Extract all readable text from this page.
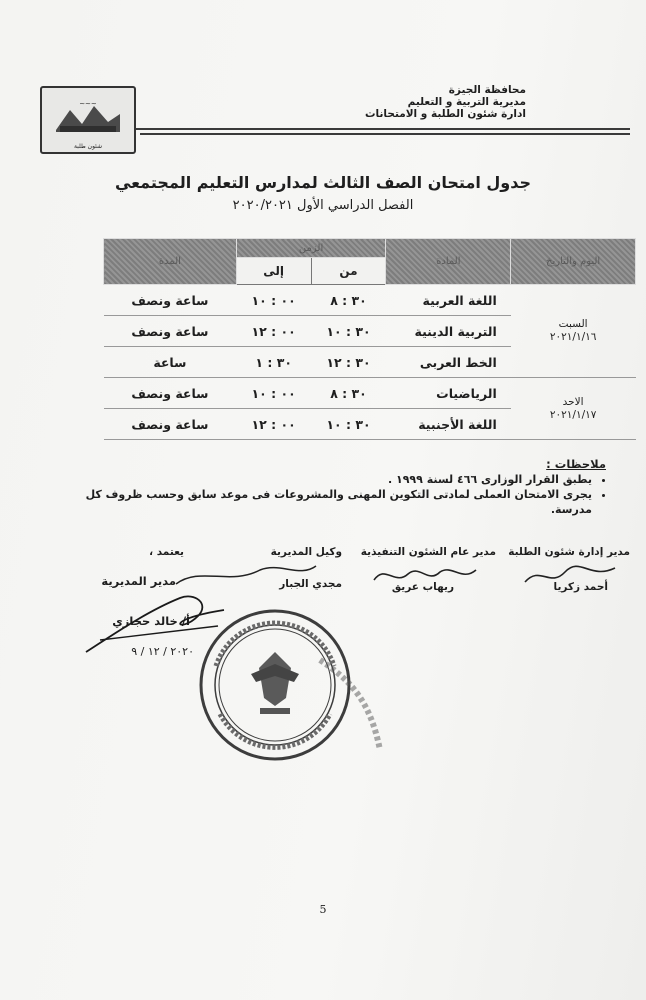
محافظة الجيزة
مديرية التربية و التعليم
ادارة شئون الطلبة و الامتحانات
~~~
شئون طلبة
جدول امتحان الصف الثالث لمدارس التعليم المجتمعي
الفصل الدراسي الأول ٢٠٢٠/٢٠٢١
اليوم والتاريخ	المادة	الزمن		المدة
		من	إلى	

السبت
٢٠٢١/١/١٦	اللغة العربية	٣٠ : ٨	٠٠ : ١٠	ساعة ونصف
	التربية الدينية	٣٠ : ١٠	٠٠ : ١٢	ساعة ونصف
	الخط العربى	٣٠ : ١٢	٣٠ : ١	ساعة

الاحد
٢٠٢١/١/١٧	الرياضيات	٣٠ : ٨	٠٠ : ١٠	ساعة ونصف
	اللغة الأجنبية	٣٠ : ١٠	٠٠ : ١٢	ساعة ونصف
ملاحظات :
• يطبق القرار الوزارى ٤٦٦ لسنة ١٩٩٩ .
• يجرى الامتحان العملى لمادتى التكوين المهنى والمشروعات فى موعد سابق وحسب ظروف كل مدرسة.
مدير إدارة شئون الطلبة
أحمد زكريا
مدير عام الشئون التنفيذية
ريهاب عريق
وكيل المديرية
مجدي الجبار
يعتمد ،
مدير المديرية
أ/ خالد حجازي
٢٠٢٠ / ١٢ / ٩
5
